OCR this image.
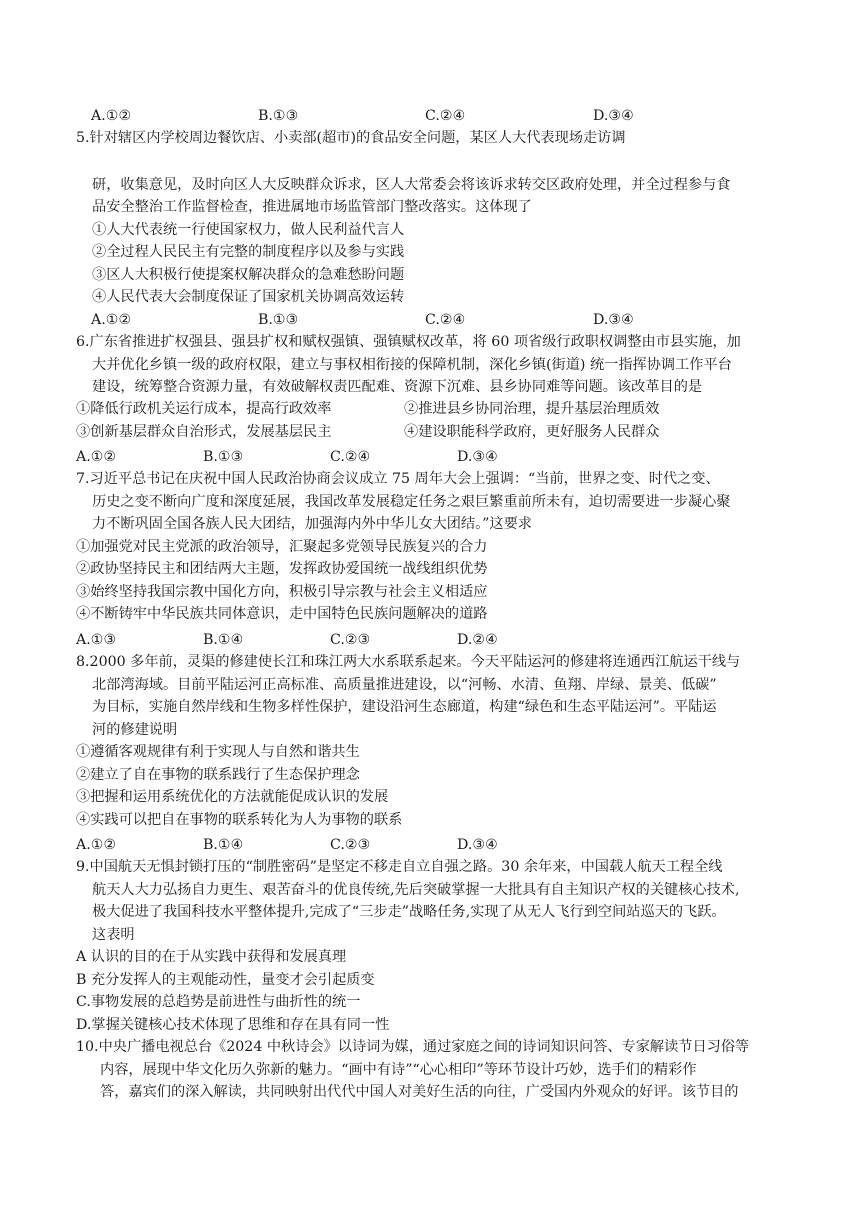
A.①②	B.①③	C.②④	D.③④
5.针对辖区内学校周边餐饮店、小卖部(超市)的食品安全问题，某区人大代表现场走访调
研，收集意见，及时向区人大反映群众诉求，区人大常委会将该诉求转交区政府处理，并全过程参与食
品安全整治工作监督检查，推进属地市场监管部门整改落实。这体现了
①人大代表统一行使国家权力，做人民利益代言人
②全过程人民民主有完整的制度程序以及参与实践
③区人大积极行使提案权解决群众的急难愁盼问题
④人民代表大会制度保证了国家机关协调高效运转
A.①②	B.①③	C.②④	D.③④
6.广东省推进扩权强县、强县扩权和赋权强镇、强镇赋权改革，将 60 项省级行政职权调整由市县实施，加
大并优化乡镇一级的政府权限，建立与事权相衔接的保障机制，深化乡镇(街道) 统一指挥协调工作平台
建设，统筹整合资源力量，有效破解权责匹配难、资源下沉难、县乡协同难等问题。该改革目的是
①降低行政机关运行成本，提高行政效率	②推进县乡协同治理，提升基层治理质效
③创新基层群众自治形式，发展基层民主	④建设职能科学政府，更好服务人民群众
A.①②	B.①③	C.②④	D.③④
7.习近平总书记在庆祝中国人民政治协商会议成立 75 周年大会上强调：“当前，世界之变、时代之变、
历史之变不断向广度和深度延展，我国改革发展稳定任务之艰巨繁重前所未有，迫切需要进一步凝心聚
力不断巩固全国各族人民大团结，加强海内外中华儿女大团结。”这要求
①加强党对民主党派的政治领导，汇聚起多党领导民族复兴的合力
②政协坚持民主和团结两大主题，发挥政协爱国统一战线组织优势
③始终坚持我国宗教中国化方向，积极引导宗教与社会主义相适应
④不断铸牢中华民族共同体意识，走中国特色民族问题解决的道路
A.①③	B.①④	C.②③	D.②④
8.2000 多年前，灵渠的修建使长江和珠江两大水系联系起来。今天平陆运河的修建将连通西江航运干线与
北部湾海域。目前平陆运河正高标准、高质量推进建设，以“河畅、水清、鱼翔、岸绿、景美、低碳”
为目标，实施自然岸线和生物多样性保护，建设沿河生态廊道，构建“绿色和生态平陆运河”。平陆运
河的修建说明
①遵循客观规律有利于实现人与自然和谐共生
②建立了自在事物的联系践行了生态保护理念
③把握和运用系统优化的方法就能促成认识的发展
④实践可以把自在事物的联系转化为人为事物的联系
A.①②	B.①④	C.②③	D.③④
9.中国航天无惧封锁打压的“制胜密码”是坚定不移走自立自强之路。30 余年来，中国载人航天工程全线
航天人大力弘扬自力更生、艰苦奋斗的优良传统,先后突破掌握一大批具有自主知识产权的关键核心技术,
极大促进了我国科技水平整体提升,完成了“三步走”战略任务,实现了从无人飞行到空间站巡天的飞跃。
这表明
A 认识的目的在于从实践中获得和发展真理
B 充分发挥人的主观能动性，量变才会引起质变
C.事物发展的总趋势是前进性与曲折性的统一
D.掌握关键核心技术体现了思维和存在具有同一性
10.中央广播电视总台《2024 中秋诗会》以诗词为媒，通过家庭之间的诗词知识问答、专家解读节日习俗等
内容，展现中华文化历久弥新的魅力。“画中有诗”“心心相印”等环节设计巧妙，选手们的精彩作
答，嘉宾们的深入解读，共同映射出代代中国人对美好生活的向往，广受国内外观众的好评。该节目的
